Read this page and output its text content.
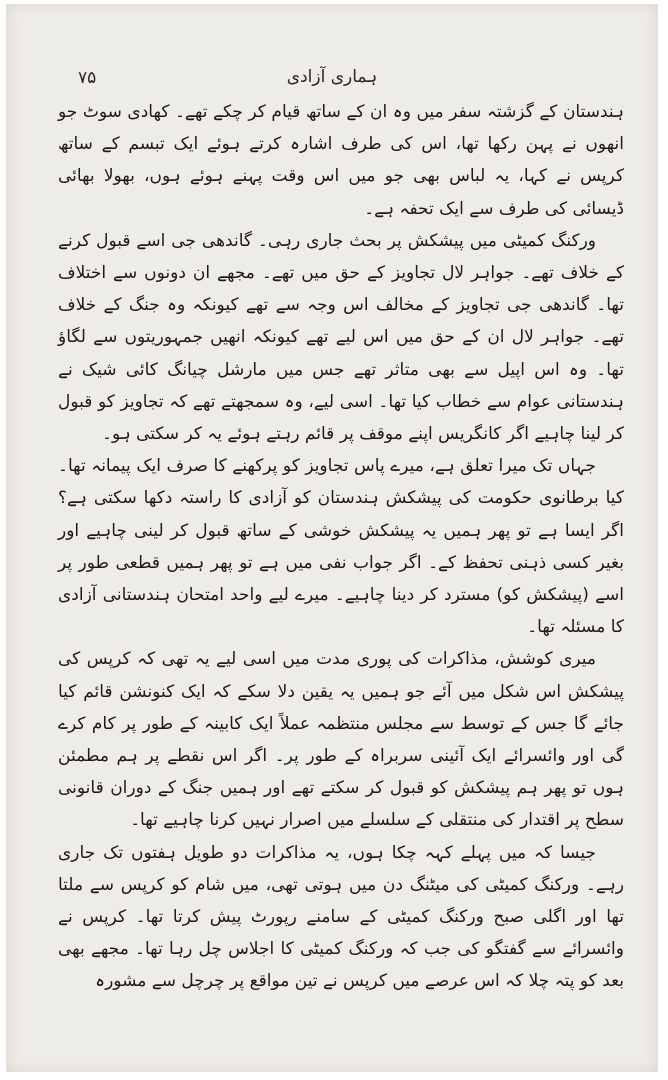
۷۵	ہماری آزادی

ہندستان کے گزشتہ سفر میں وہ ان کے ساتھ قیام کر چکے تھے۔ کھادی سوٹ جو انھوں نے پہن رکھا تھا، اس کی طرف اشارہ کرتے ہوئے ایک تبسم کے ساتھ کرپس نے کہا، یہ لباس بھی جو میں اس وقت پہنے ہوئے ہوں، بھولا بھائی ڈیسائی کی طرف سے ایک تحفہ ہے۔

ورکنگ کمیٹی میں پیشکش پر بحث جاری رہی۔ گاندھی جی اسے قبول کرنے کے خلاف تھے۔ جواہر لال تجاویز کے حق میں تھے۔ مجھے ان دونوں سے اختلاف تھا۔ گاندھی جی تجاویز کے مخالف اس وجہ سے تھے کیونکہ وہ جنگ کے خلاف تھے۔ جواہر لال ان کے حق میں اس لیے تھے کیونکہ انھیں جمہوریتوں سے لگاؤ تھا۔ وہ اس اپیل سے بھی متاثر تھے جس میں مارشل چیانگ کائی شیک نے ہندستانی عوام سے خطاب کیا تھا۔ اسی لیے، وہ سمجھتے تھے کہ تجاویز کو قبول کر لینا چاہیے اگر کانگریس اپنے موقف پر قائم رہتے ہوئے یہ کر سکتی ہو۔

جہاں تک میرا تعلق ہے، میرے پاس تجاویز کو پرکھنے کا صرف ایک پیمانہ تھا۔ کیا برطانوی حکومت کی پیشکش ہندستان کو آزادی کا راستہ دکھا سکتی ہے؟ اگر ایسا ہے تو پھر ہمیں یہ پیشکش خوشی کے ساتھ قبول کر لینی چاہیے اور بغیر کسی ذہنی تحفظ کے۔ اگر جواب نفی میں ہے تو پھر ہمیں قطعی طور پر اسے (پیشکش کو) مسترد کر دینا چاہیے۔ میرے لیے واحد امتحان ہندستانی آزادی کا مسئلہ تھا۔

میری کوشش، مذاکرات کی پوری مدت میں اسی لیے یہ تھی کہ کرپس کی پیشکش اس شکل میں آئے جو ہمیں یہ یقین دلا سکے کہ ایک کنونشن قائم کیا جائے گا جس کے توسط سے مجلس منتظمہ عملاً ایک کابینہ کے طور پر کام کرے گی اور وائسرائے ایک آئینی سربراہ کے طور پر۔ اگر اس نقطے پر ہم مطمئن ہوں تو پھر ہم پیشکش کو قبول کر سکتے تھے اور ہمیں جنگ کے دوران قانونی سطح پر اقتدار کی منتقلی کے سلسلے میں اصرار نہیں کرنا چاہیے تھا۔

جیسا کہ میں پہلے کہہ چکا ہوں، یہ مذاکرات دو طویل ہفتوں تک جاری رہے۔ ورکنگ کمیٹی کی میٹنگ دن میں ہوتی تھی، میں شام کو کرپس سے ملتا تھا اور اگلی صبح ورکنگ کمیٹی کے سامنے رپورٹ پیش کرتا تھا۔ کرپس نے وائسرائے سے گفتگو کی جب کہ ورکنگ کمیٹی کا اجلاس چل رہا تھا۔ مجھے بھی بعد کو پتہ چلا کہ اس عرصے میں کرپس نے تین مواقع پر چرچل سے مشورہ
